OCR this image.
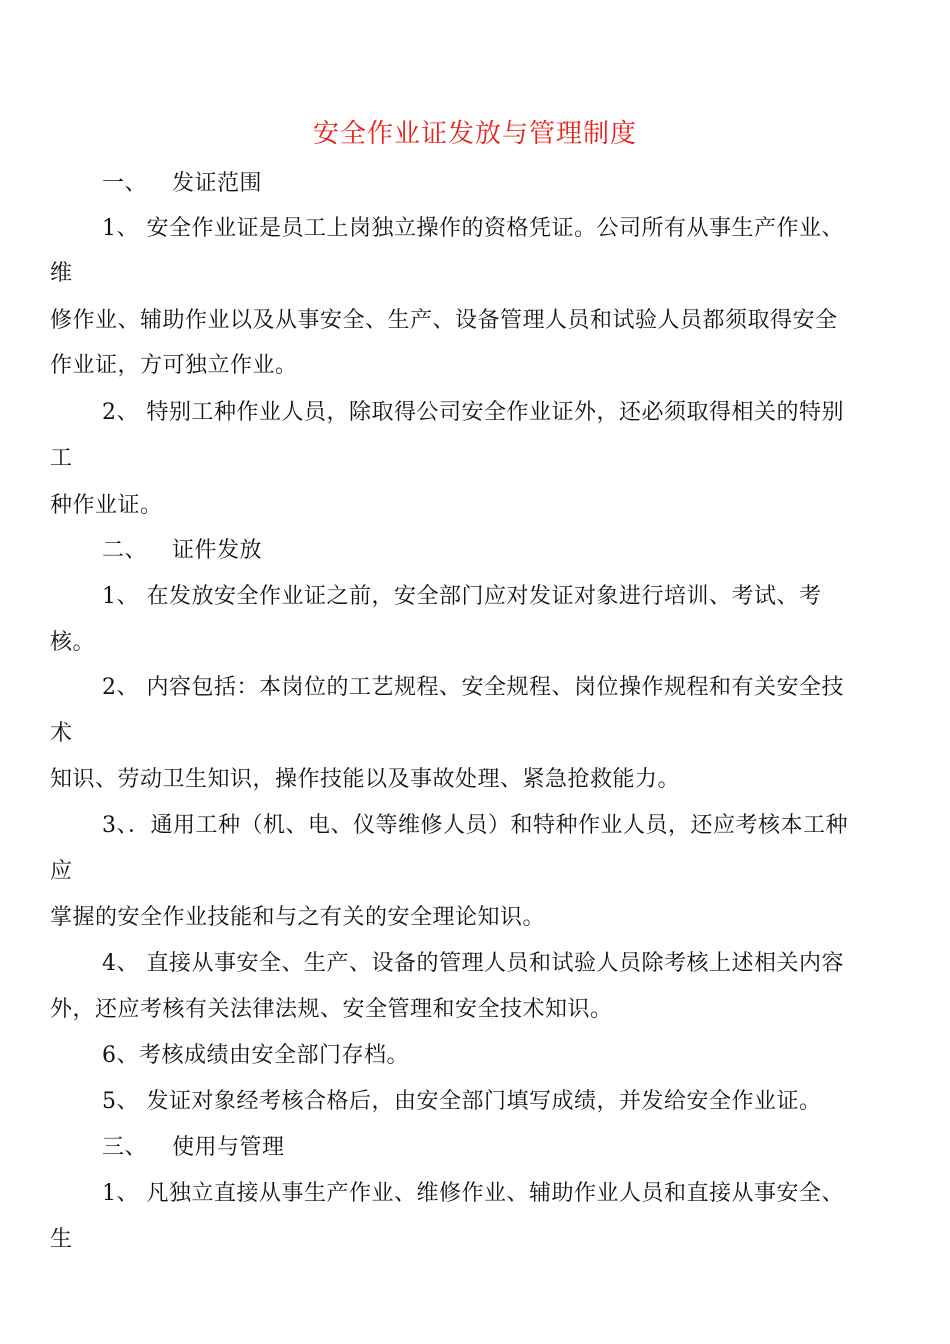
安全作业证发放与管理制度
一、 发证范围
1、 安全作业证是员工上岗独立操作的资格凭证。公司所有从事生产作业、
维
修作业、辅助作业以及从事安全、生产、设备管理人员和试验人员都须取得安全
作业证，方可独立作业。
2、 特别工种作业人员，除取得公司安全作业证外，还必须取得相关的特别
工
种作业证。
二、 证件发放
1、 在发放安全作业证之前，安全部门应对发证对象进行培训、考试、考
核。
2、 内容包括：本岗位的工艺规程、安全规程、岗位操作规程和有关安全技
术
知识、劳动卫生知识，操作技能以及事故处理、紧急抢救能力。
3、．通用工种（机、电、仪等维修人员）和特种作业人员，还应考核本工种
应
掌握的安全作业技能和与之有关的安全理论知识。
4、 直接从事安全、生产、设备的管理人员和试验人员除考核上述相关内容
外，还应考核有关法律法规、安全管理和安全技术知识。
6、考核成绩由安全部门存档。
5、 发证对象经考核合格后，由安全部门填写成绩，并发给安全作业证。
三、 使用与管理
1、 凡独立直接从事生产作业、维修作业、辅助作业人员和直接从事安全、
生
